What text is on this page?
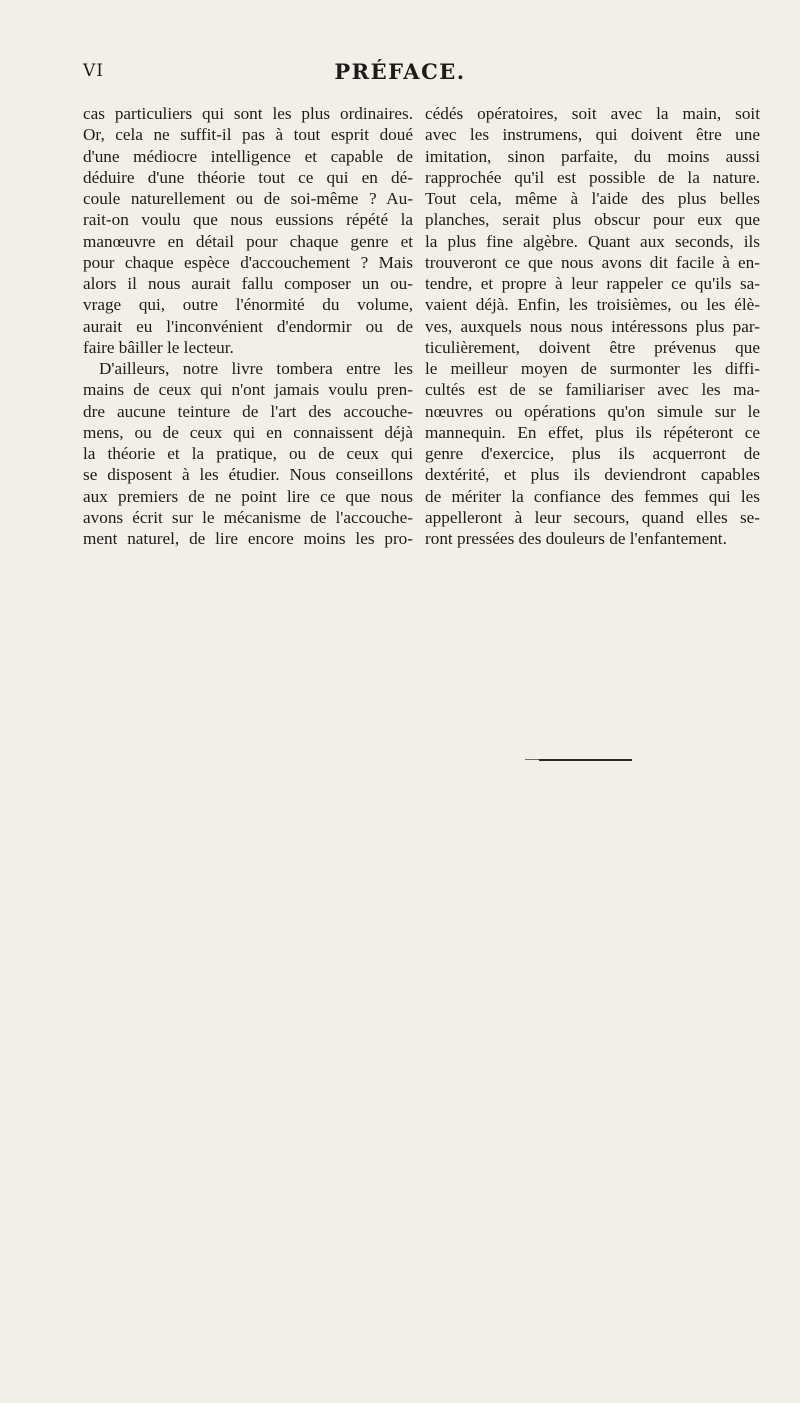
VI	PRÉFACE.
cas particuliers qui sont les plus ordinaires.
Or, cela ne suffit-il pas à tout esprit doué
d'une médiocre intelligence et capable de
déduire d'une théorie tout ce qui en dé-
coule naturellement ou de soi-même ? Au-
rait-on voulu que nous eussions répété la
manœuvre en détail pour chaque genre et
pour chaque espèce d'accouchement ? Mais
alors il nous aurait fallu composer un ou-
vrage qui, outre l'énormité du volume,
aurait eu l'inconvénient d'endormir ou de
faire bâiller le lecteur.
D'ailleurs, notre livre tombera entre les
mains de ceux qui n'ont jamais voulu pren-
dre aucune teinture de l'art des accouche-
mens, ou de ceux qui en connaissent déjà
la théorie et la pratique, ou de ceux qui
se disposent à les étudier. Nous conseillons
aux premiers de ne point lire ce que nous
avons écrit sur le mécanisme de l'accouche-
ment naturel, de lire encore moins les pro-
cédés opératoires, soit avec la main, soit
avec les instrumens, qui doivent être une
imitation, sinon parfaite, du moins aussi
rapprochée qu'il est possible de la nature.
Tout cela, même à l'aide des plus belles
planches, serait plus obscur pour eux que
la plus fine algèbre. Quant aux seconds, ils
trouveront ce que nous avons dit facile à en-
tendre, et propre à leur rappeler ce qu'ils sa-
vaient déjà. Enfin, les troisièmes, ou les élè-
ves, auxquels nous nous intéressons plus par-
ticulièrement, doivent être prévenus que
le meilleur moyen de surmonter les diffi-
cultés est de se familiariser avec les ma-
nœuvres ou opérations qu'on simule sur le
mannequin. En effet, plus ils répéteront ce
genre d'exercice, plus ils acquerront de
dextérité, et plus ils deviendront capables
de mériter la confiance des femmes qui les
appelleront à leur secours, quand elles se-
ront pressées des douleurs de l'enfantement.
